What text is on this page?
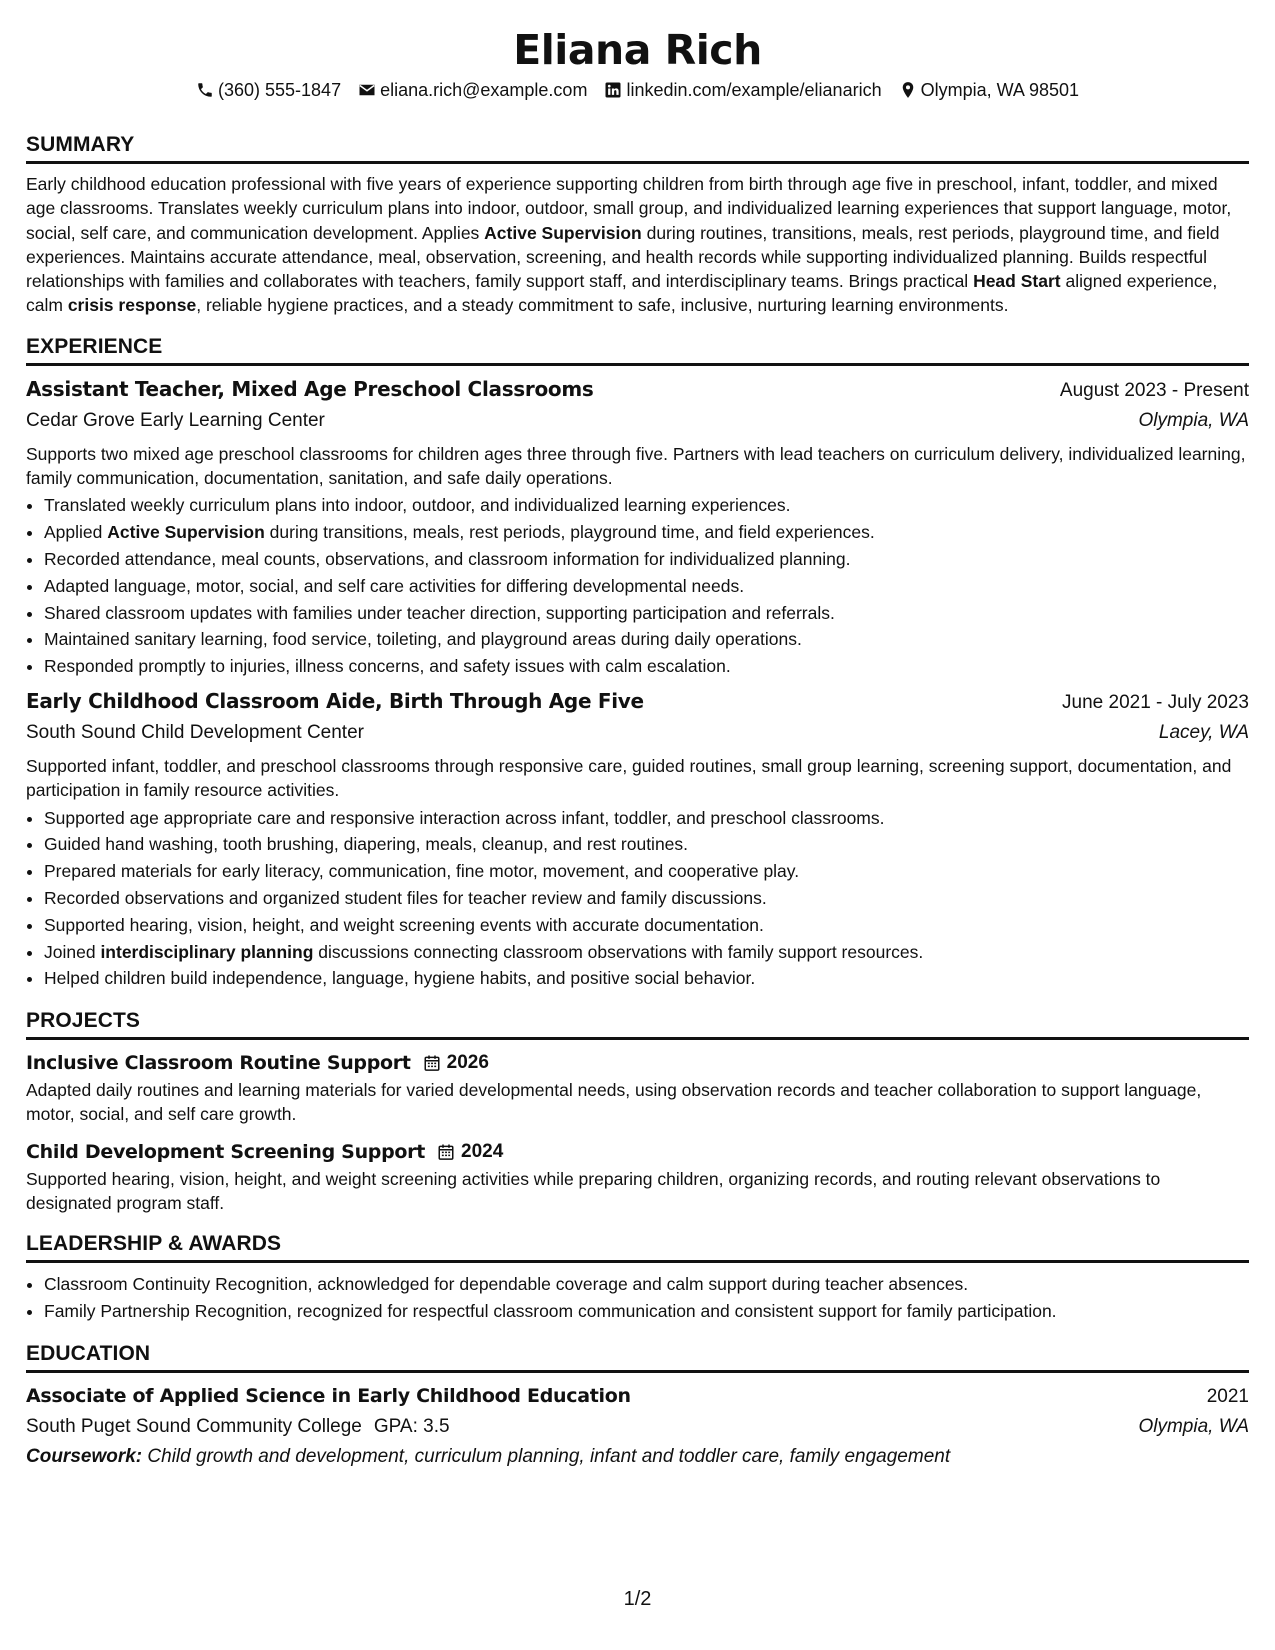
Eliana Rich
(360) 555-1847 eliana.rich@example.com linkedin.com/example/elianarich Olympia, WA 98501
SUMMARY

Early childhood education professional with five years of experience supporting children from birth through age five in preschool, infant, toddler, and mixed age classrooms. Translates weekly curriculum plans into indoor, outdoor, small group, and individualized learning experiences that support language, motor, social, self care, and communication development. Applies Active Supervision during routines, transitions, meals, rest periods, playground time, and field experiences. Maintains accurate attendance, meal, observation, screening, and health records while supporting individualized planning. Builds respectful relationships with families and collaborates with teachers, family support staff, and interdisciplinary teams. Brings practical Head Start aligned experience, calm crisis response, reliable hygiene practices, and a steady commitment to safe, inclusive, nurturing learning environments.

EXPERIENCE
Assistant Teacher, Mixed Age Preschool Classrooms	August 2023 - Present
Cedar Grove Early Learning Center	Olympia, WA

Supports two mixed age preschool classrooms for children ages three through five. Partners with lead teachers on curriculum delivery, individualized learning, family communication, documentation, sanitation, and safe daily operations.

• Translated weekly curriculum plans into indoor, outdoor, and individualized learning experiences.
• Applied Active Supervision during transitions, meals, rest periods, playground time, and field experiences.
• Recorded attendance, meal counts, observations, and classroom information for individualized planning.
• Adapted language, motor, social, and self care activities for differing developmental needs.
• Shared classroom updates with families under teacher direction, supporting participation and referrals.
• Maintained sanitary learning, food service, toileting, and playground areas during daily operations.
• Responded promptly to injuries, illness concerns, and safety issues with calm escalation.
Early Childhood Classroom Aide, Birth Through Age Five	June 2021 - July 2023
South Sound Child Development Center	Lacey, WA

Supported infant, toddler, and preschool classrooms through responsive care, guided routines, small group learning, screening support, documentation, and participation in family resource activities.

• Supported age appropriate care and responsive interaction across infant, toddler, and preschool classrooms.
• Guided hand washing, tooth brushing, diapering, meals, cleanup, and rest routines.
• Prepared materials for early literacy, communication, fine motor, movement, and cooperative play.
• Recorded observations and organized student files for teacher review and family discussions.
• Supported hearing, vision, height, and weight screening events with accurate documentation.
• Joined interdisciplinary planning discussions connecting classroom observations with family support resources.
• Helped children build independence, language, hygiene habits, and positive social behavior.
PROJECTS
Inclusive Classroom Routine Support 2026

Adapted daily routines and learning materials for varied developmental needs, using observation records and teacher collaboration to support language, motor, social, and self care growth.

Child Development Screening Support 2024

Supported hearing, vision, height, and weight screening activities while preparing children, organizing records, and routing relevant observations to designated program staff.

LEADERSHIP & AWARDS
• Classroom Continuity Recognition, acknowledged for dependable coverage and calm support during teacher absences.
• Family Partnership Recognition, recognized for respectful classroom communication and consistent support for family participation.
EDUCATION
Associate of Applied Science in Early Childhood Education	2021
South Puget Sound Community College GPA: 3.5	Olympia, WA
Coursework: Child growth and development, curriculum planning, infant and toddler care, family engagement
1/2
